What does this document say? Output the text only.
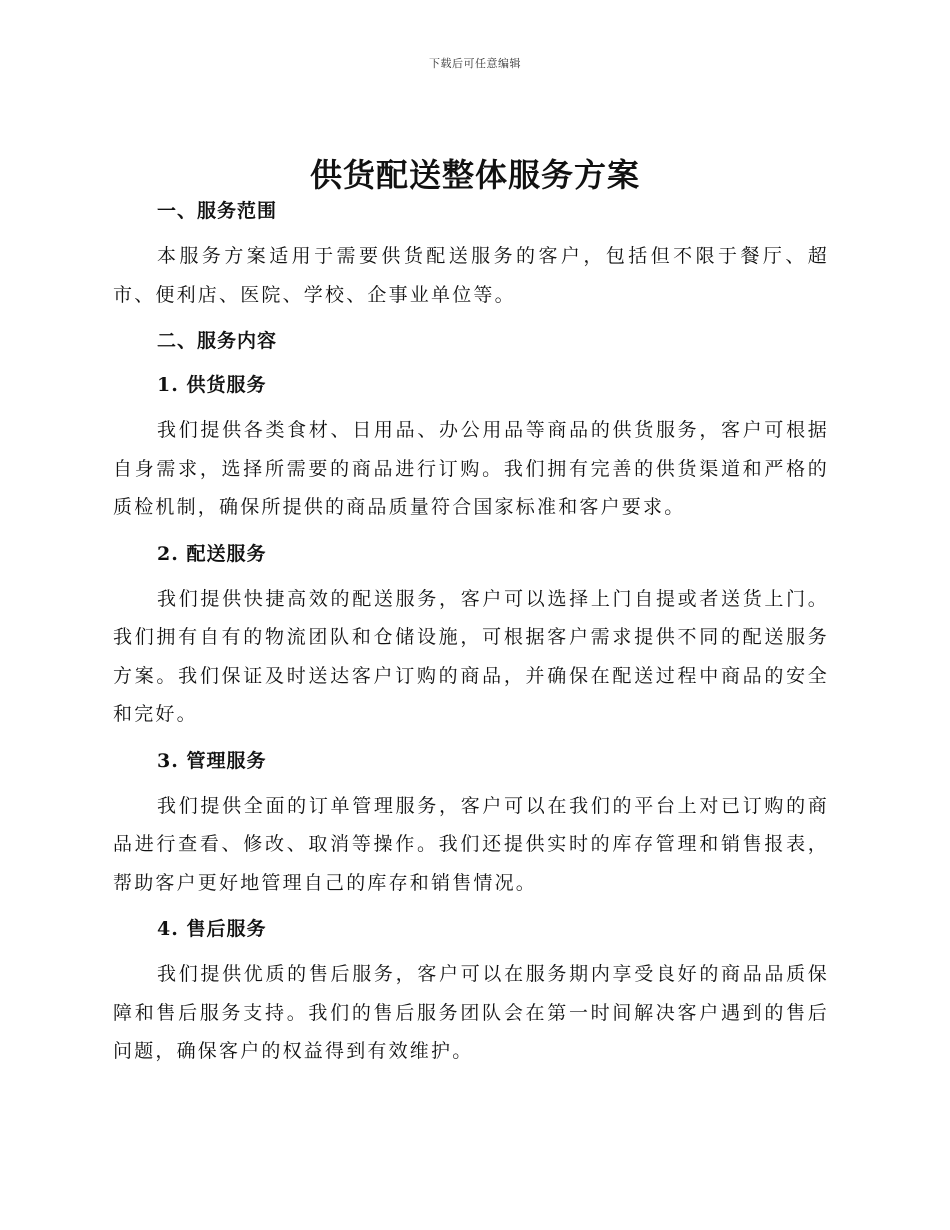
下载后可任意编辑
供货配送整体服务方案
一、服务范围

本服务方案适用于需要供货配送服务的客户，包括但不限于餐厅、超市、便利店、医院、学校、企事业单位等。

二、服务内容
1. 供货服务

我们提供各类食材、日用品、办公用品等商品的供货服务，客户可根据自身需求，选择所需要的商品进行订购。我们拥有完善的供货渠道和严格的质检机制，确保所提供的商品质量符合国家标准和客户要求。

2. 配送服务

我们提供快捷高效的配送服务，客户可以选择上门自提或者送货上门。我们拥有自有的物流团队和仓储设施，可根据客户需求提供不同的配送服务方案。我们保证及时送达客户订购的商品，并确保在配送过程中商品的安全和完好。

3. 管理服务

我们提供全面的订单管理服务，客户可以在我们的平台上对已订购的商品进行查看、修改、取消等操作。我们还提供实时的库存管理和销售报表，帮助客户更好地管理自己的库存和销售情况。

4. 售后服务

我们提供优质的售后服务，客户可以在服务期内享受良好的商品品质保障和售后服务支持。我们的售后服务团队会在第一时间解决客户遇到的售后问题，确保客户的权益得到有效维护。
